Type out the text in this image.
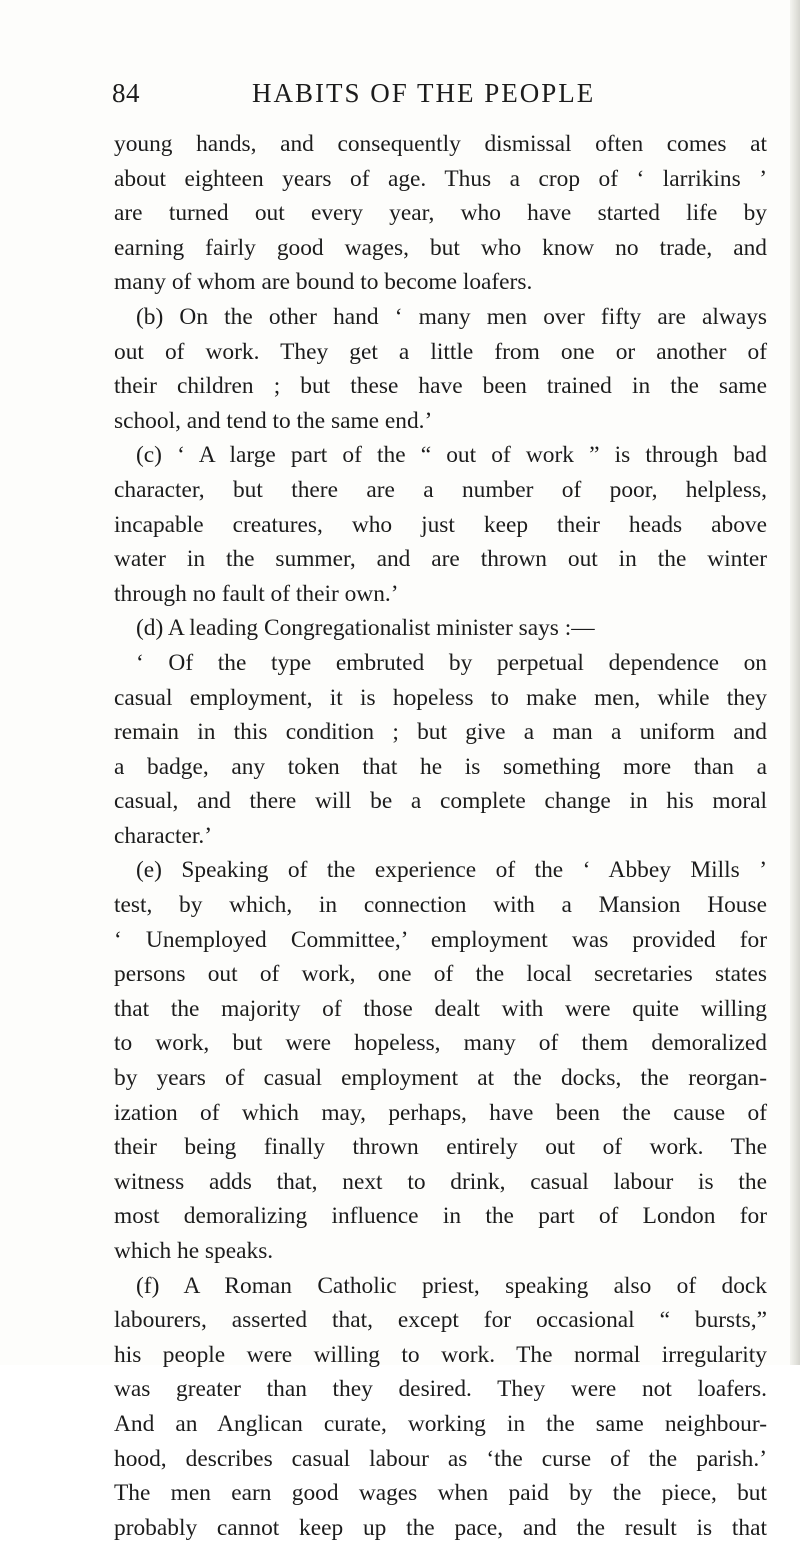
84	HABITS OF THE PEOPLE
young hands, and consequently dismissal often comes at
about eighteen years of age. Thus a crop of ‘ larrikins ’
are turned out every year, who have started life by
earning fairly good wages, but who know no trade, and
many of whom are bound to become loafers.
(b) On the other hand ‘ many men over fifty are always
out of work. They get a little from one or another of
their children ; but these have been trained in the same
school, and tend to the same end.’
(c) ‘ A large part of the “ out of work ” is through bad
character, but there are a number of poor, helpless,
incapable creatures, who just keep their heads above
water in the summer, and are thrown out in the winter
through no fault of their own.’
(d) A leading Congregationalist minister says :—
‘ Of the type embruted by perpetual dependence on
casual employment, it is hopeless to make men, while they
remain in this condition ; but give a man a uniform and
a badge, any token that he is something more than a
casual, and there will be a complete change in his moral
character.’
(e) Speaking of the experience of the ‘ Abbey Mills ’
test, by which, in connection with a Mansion House
‘ Unemployed Committee,’ employment was provided for
persons out of work, one of the local secretaries states
that the majority of those dealt with were quite willing
to work, but were hopeless, many of them demoralized
by years of casual employment at the docks, the reorgan-
ization of which may, perhaps, have been the cause of
their being finally thrown entirely out of work. The
witness adds that, next to drink, casual labour is the
most demoralizing influence in the part of London for
which he speaks.
(f) A Roman Catholic priest, speaking also of dock
labourers, asserted that, except for occasional “ bursts,”
his people were willing to work. The normal irregularity
was greater than they desired. They were not loafers.
And an Anglican curate, working in the same neighbour-
hood, describes casual labour as ‘the curse of the parish.’
The men earn good wages when paid by the piece, but
probably cannot keep up the pace, and the result is that
